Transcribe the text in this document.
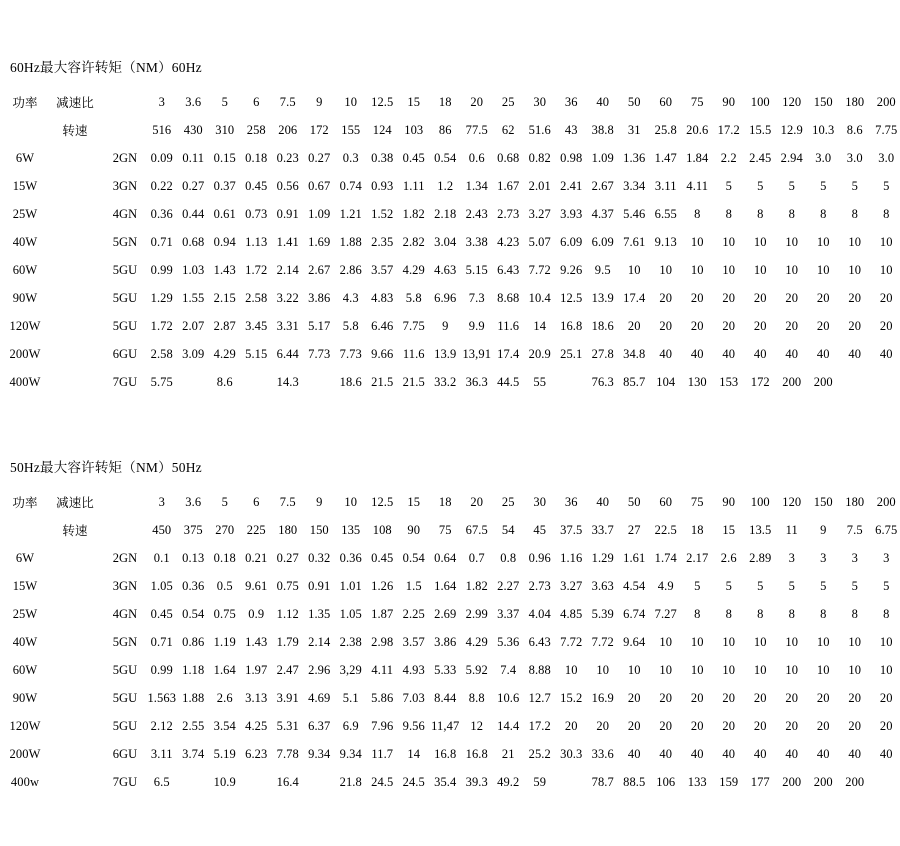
60Hz最大容许转矩（NM）60Hz
功率	减速比		3	3.6	5	6	7.5	9	10	12.5	15	18	20	25	30	36	40	50	60	75	90	100	120	150	180	200
	转速		516	430	310	258	206	172	155	124	103	86	77.5	62	51.6	43	38.8	31	25.8	20.6	17.2	15.5	12.9	10.3	8.6	7.75
6W		2GN	0.09	0.11	0.15	0.18	0.23	0.27	0.3	0.38	0.45	0.54	0.6	0.68	0.82	0.98	1.09	1.36	1.47	1.84	2.2	2.45	2.94	3.0	3.0	3.0
15W		3GN	0.22	0.27	0.37	0.45	0.56	0.67	0.74	0.93	1.11	1.2	1.34	1.67	2.01	2.41	2.67	3.34	3.11	4.11	5	5	5	5	5	5
25W		4GN	0.36	0.44	0.61	0.73	0.91	1.09	1.21	1.52	1.82	2.18	2.43	2.73	3.27	3.93	4.37	5.46	6.55	8	8	8	8	8	8	8
40W		5GN	0.71	0.68	0.94	1.13	1.41	1.69	1.88	2.35	2.82	3.04	3.38	4.23	5.07	6.09	6.09	7.61	9.13	10	10	10	10	10	10	10
60W		5GU	0.99	1.03	1.43	1.72	2.14	2.67	2.86	3.57	4.29	4.63	5.15	6.43	7.72	9.26	9.5	10	10	10	10	10	10	10	10	10
90W		5GU	1.29	1.55	2.15	2.58	3.22	3.86	4.3	4.83	5.8	6.96	7.3	8.68	10.4	12.5	13.9	17.4	20	20	20	20	20	20	20	20
120W		5GU	1.72	2.07	2.87	3.45	3.31	5.17	5.8	6.46	7.75	9	9.9	11.6	14	16.8	18.6	20	20	20	20	20	20	20	20	20
200W		6GU	2.58	3.09	4.29	5.15	6.44	7.73	7.73	9.66	11.6	13.9	13,91	17.4	20.9	25.1	27.8	34.8	40	40	40	40	40	40	40	40
400W		7GU	5.75		8.6		14.3		18.6	21.5	21.5	33.2	36.3	44.5	55		76.3	85.7	104	130	153	172	200	200		
50Hz最大容许转矩（NM）50Hz
功率	减速比		3	3.6	5	6	7.5	9	10	12.5	15	18	20	25	30	36	40	50	60	75	90	100	120	150	180	200
	转速		450	375	270	225	180	150	135	108	90	75	67.5	54	45	37.5	33.7	27	22.5	18	15	13.5	11	9	7.5	6.75
6W		2GN	0.1	0.13	0.18	0.21	0.27	0.32	0.36	0.45	0.54	0.64	0.7	0.8	0.96	1.16	1.29	1.61	1.74	2.17	2.6	2.89	3	3	3	3
15W		3GN	1.05	0.36	0.5	9.61	0.75	0.91	1.01	1.26	1.5	1.64	1.82	2.27	2.73	3.27	3.63	4.54	4.9	5	5	5	5	5	5	5
25W		4GN	0.45	0.54	0.75	0.9	1.12	1.35	1.05	1.87	2.25	2.69	2.99	3.37	4.04	4.85	5.39	6.74	7.27	8	8	8	8	8	8	8
40W		5GN	0.71	0.86	1.19	1.43	1.79	2.14	2.38	2.98	3.57	3.86	4.29	5.36	6.43	7.72	7.72	9.64	10	10	10	10	10	10	10	10
60W		5GU	0.99	1.18	1.64	1.97	2.47	2.96	3,29	4.11	4.93	5.33	5.92	7.4	8.88	10	10	10	10	10	10	10	10	10	10	10
90W		5GU	1.563	1.88	2.6	3.13	3.91	4.69	5.1	5.86	7.03	8.44	8.8	10.6	12.7	15.2	16.9	20	20	20	20	20	20	20	20	20
120W		5GU	2.12	2.55	3.54	4.25	5.31	6.37	6.9	7.96	9.56	11,47	12	14.4	17.2	20	20	20	20	20	20	20	20	20	20	20
200W		6GU	3.11	3.74	5.19	6.23	7.78	9.34	9.34	11.7	14	16.8	16.8	21	25.2	30.3	33.6	40	40	40	40	40	40	40	40	40
400w		7GU	6.5		10.9		16.4		21.8	24.5	24.5	35.4	39.3	49.2	59		78.7	88.5	106	133	159	177	200	200	200	
